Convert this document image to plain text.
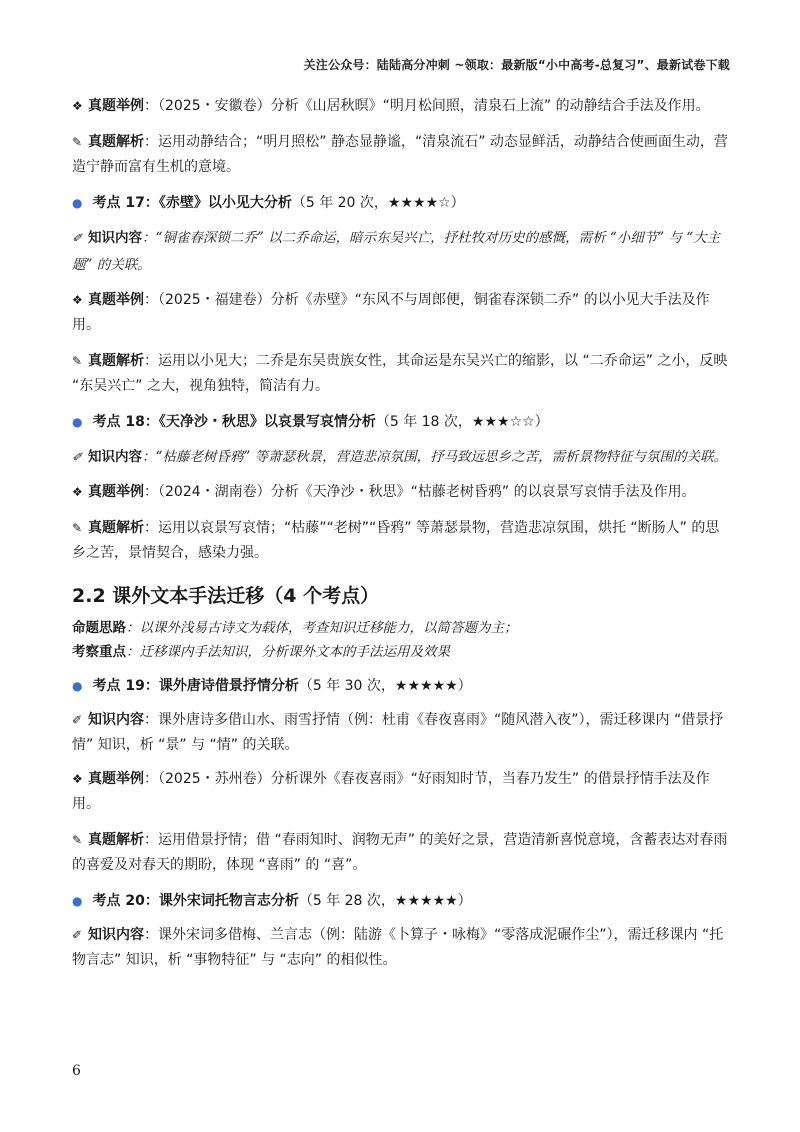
关注公众号：陆陆高分冲刺 ~领取：最新版“小中高考-总复习”、最新试卷下载
❖ 真题举例：（2025・安徽卷）分析《山居秋暝》“明月松间照，清泉石上流” 的动静结合手法及作用。
✎ 真题解析：运用动静结合；“明月照松” 静态显静谧，“清泉流石” 动态显鲜活，动静结合使画面生动，营造宁静而富有生机的意境。
● 考点 17：《赤壁》以小见大分析（5 年 20 次，★★★★☆）
✐ 知识内容：“铜雀春深锁二乔” 以二乔命运，暗示东吴兴亡，抒杜牧对历史的感慨，需析 “小细节” 与 “大主题” 的关联。
❖ 真题举例：（2025・福建卷）分析《赤壁》“东风不与周郎便，铜雀春深锁二乔” 的以小见大手法及作用。
✎ 真题解析：运用以小见大；二乔是东吴贵族女性，其命运是东吴兴亡的缩影，以 “二乔命运” 之小，反映 “东吴兴亡” 之大，视角独特，简洁有力。
● 考点 18：《天净沙・秋思》以哀景写哀情分析（5 年 18 次，★★★☆☆）
✐ 知识内容：“枯藤老树昏鸦” 等萧瑟秋景，营造悲凉氛围，抒马致远思乡之苦，需析景物特征与氛围的关联。
❖ 真题举例：（2024・湖南卷）分析《天净沙・秋思》“枯藤老树昏鸦” 的以哀景写哀情手法及作用。
✎ 真题解析：运用以哀景写哀情；“枯藤”“老树”“昏鸦” 等萧瑟景物，营造悲凉氛围，烘托 “断肠人” 的思乡之苦，景情契合，感染力强。
2.2 课外文本手法迁移（4 个考点）
命题思路：以课外浅易古诗文为载体，考查知识迁移能力，以简答题为主；
考察重点：迁移课内手法知识，分析课外文本的手法运用及效果
● 考点 19：课外唐诗借景抒情分析（5 年 30 次，★★★★★）
✐ 知识内容：课外唐诗多借山水、雨雪抒情（例：杜甫《春夜喜雨》“随风潜入夜”），需迁移课内 “借景抒情” 知识，析 “景” 与 “情” 的关联。
❖ 真题举例：（2025・苏州卷）分析课外《春夜喜雨》“好雨知时节，当春乃发生” 的借景抒情手法及作用。
✎ 真题解析：运用借景抒情；借 “春雨知时、润物无声” 的美好之景，营造清新喜悦意境，含蓄表达对春雨的喜爱及对春天的期盼，体现 “喜雨” 的 “喜”。
● 考点 20：课外宋词托物言志分析（5 年 28 次，★★★★★）
✐ 知识内容：课外宋词多借梅、兰言志（例：陆游《卜算子・咏梅》“零落成泥碾作尘”），需迁移课内 “托物言志” 知识，析 “事物特征” 与 “志向” 的相似性。
6
